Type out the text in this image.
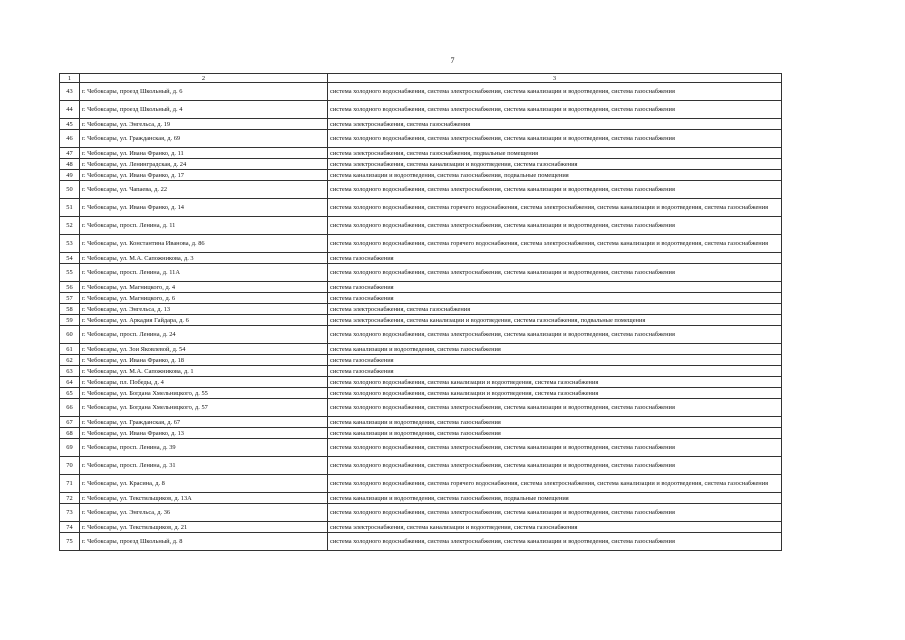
7
1	2	3
43	г. Чебоксары, проезд Школьный, д. 6	система холодного водоснабжения, система электроснабжения, система канализации и водоотведения, система газоснабжения
44	г. Чебоксары, проезд Школьный, д. 4	система холодного водоснабжения, система электроснабжения, система канализации и водоотведения, система газоснабжения
45	г. Чебоксары, ул. Энгельса, д. 19	система электроснабжения, система газоснабжения
46	г. Чебоксары, ул. Гражданская, д. 69	система холодного водоснабжения, система электроснабжения, система канализации и водоотведения, система газоснабжения
47	г. Чебоксары, ул. Ивана Франко, д. 11	система электроснабжения, система газоснабжения, подвальные помещения
48	г. Чебоксары, ул. Ленинградская, д. 24	система электроснабжения, система канализации и водоотведения, система газоснабжения
49	г. Чебоксары, ул. Ивана Франко, д. 17	система канализации и водоотведения, система газоснабжения, подвальные помещения
50	г. Чебоксары, ул. Чапаева, д. 22	система холодного водоснабжения, система электроснабжения, система канализации и водоотведения, система газоснабжения
51	г. Чебоксары, ул. Ивана Франко, д. 14	система холодного водоснабжения, система горячего водоснабжения, система электроснабжения, система канализации и водоотведения, система газоснабжения
52	г. Чебоксары, просп. Ленина, д. 11	система холодного водоснабжения, система электроснабжения, система канализации и водоотведения, система газоснабжения
53	г. Чебоксары, ул. Константина Иванова, д. 86	система холодного водоснабжения, система горячего водоснабжения, система электроснабжения, система канализации и водоотведения, система газоснабжения
54	г. Чебоксары, ул. М.А. Сапожникова, д. 3	система газоснабжения
55	г. Чебоксары, просп. Ленина, д. 11А	система холодного водоснабжения, система электроснабжения, система канализации и водоотведения, система газоснабжения
56	г. Чебоксары, ул. Магницкого, д. 4	система газоснабжения
57	г. Чебоксары, ул. Магницкого, д. 6	система газоснабжения
58	г. Чебоксары, ул. Энгельса, д. 13	система электроснабжения, система газоснабжения
59	г. Чебоксары, ул. Аркадия Гайдара, д. 6	система электроснабжения, система канализации и водоотведения, система газоснабжения, подвальные помещения
60	г. Чебоксары, просп. Ленина, д. 24	система холодного водоснабжения, система электроснабжения, система канализации и водоотведения, система газоснабжения
61	г. Чебоксары, ул. Зои Яковлевой, д. 54	система канализации и водоотведения, система газоснабжения
62	г. Чебоксары, ул. Ивана Франко, д. 18	система газоснабжения
63	г. Чебоксары, ул. М.А. Сапожникова, д. 1	система газоснабжения
64	г. Чебоксары, пл. Победы, д. 4	система холодного водоснабжения, система канализации и водоотведения, система газоснабжения
65	г. Чебоксары, ул. Богдана Хмельницкого, д. 55	система холодного водоснабжения, система канализации и водоотведения, система газоснабжения
66	г. Чебоксары, ул. Богдана Хмельницкого, д. 57	система холодного водоснабжения, система электроснабжения, система канализации и водоотведения, система газоснабжения
67	г. Чебоксары, ул. Гражданская, д. 67	система канализации и водоотведения, система газоснабжения
68	г. Чебоксары, ул. Ивана Франко, д. 13	система канализации и водоотведения, система газоснабжения
69	г. Чебоксары, просп. Ленина, д. 39	система холодного водоснабжения, система электроснабжения, система канализации и водоотведения, система газоснабжения
70	г. Чебоксары, просп. Ленина, д. 31	система холодного водоснабжения, система электроснабжения, система канализации и водоотведения, система газоснабжения
71	г. Чебоксары, ул. Красина, д. 8	система холодного водоснабжения, система горячего водоснабжения, система электроснабжения, система канализации и водоотведения, система газоснабжения
72	г. Чебоксары, ул. Текстильщиков, д. 13А	система канализации и водоотведения, система газоснабжения, подвальные помещения
73	г. Чебоксары, ул. Энгельса, д. 36	система холодного водоснабжения, система электроснабжения, система канализации и водоотведения, система газоснабжения
74	г. Чебоксары, ул. Текстильщиков, д. 21	система электроснабжения, система канализации и водоотведения, система газоснабжения
75	г. Чебоксары, проезд Школьный, д. 8	система холодного водоснабжения, система электроснабжения, система канализации и водоотведения, система газоснабжения
